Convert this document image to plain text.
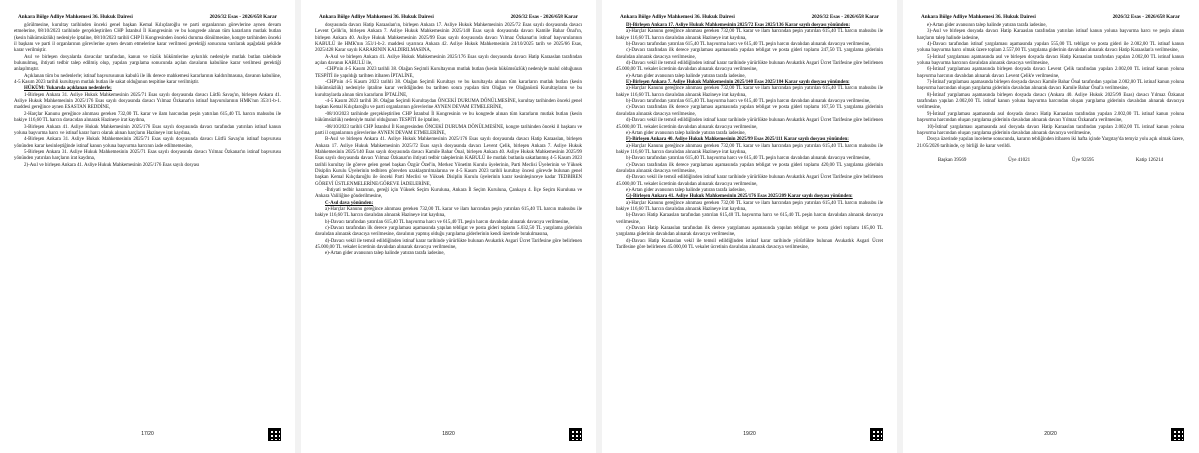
Ankara Bölge Adliye Mahkemesi 36. Hukuk Dairesi	2026/32 Esas - 2026/658 Karar

görülmesine, kurultay tarihinden önceki genel başkan Kemal Kılıçdaroğlu ve parti organlarının görevlerine aynen devam etmelerine, 08/10/2023 tarihinde gerçekleştirilen CHP İstanbul İl Kongresinin ve bu kongrede alınan tüm kararların mutlak butlan (kesin hükümsüzlük) nedeniyle iptaline, 08/10/2023 tarihli CHP İl Kongresinden önceki duruma dönülmesine, kongre tarihinden önceki il başkanı ve parti il organlarının görevlerine aynen devam etmelerine karar verilmesi gerektiği sonucuna varılarak aşağıdaki şekilde karar verilmiştir.

Asıl ve birleşen dosyalarda davacılar tarafından, kanun ve tüzük hükümlerine aykırılık nedeniyle mutlak butlan talebinde bulunulmuş, ihtiyati tedbir talep edilmiş olup, yapılan yargılama sonucunda açılan davaların kabulüne karar verilmesi gerektiği anlaşılmıştır.

Açıklanan tüm bu nedenlerle; istinaf başvurusunun kabulü ile ilk derece mahkemesi kararlarının kaldırılmasına, davanın kabulüne, 4-5 Kasım 2023 tarihli kurultayın mutlak butlan ile sakat olduğunun tespitine karar verilmiştir.

HÜKÜM: Yukarıda açıklanan nedenlerle;

1-Birleşen Ankara 31. Asliye Hukuk Mahkemesinin 2025/71 Esas sayılı dosyasında davacı Lütfü Savaş'ın, birleşen Ankara 41. Asliye Hukuk Mahkemesinin 2025/176 Esas sayılı dosyasında davacı Yılmaz Özkanat'ın istinaf başvurularının HMK'nın 353/1-b-1. maddesi gereğince aynen ESASTAN REDDİNE,

2-Harçlar Kanunu gereğince alınması gereken 732,00 TL karar ve ilam harcından peşin yatırılan 615,40 TL harcın mahsubu ile bakiye 116,60 TL harcın davacıdan alınarak Hazineye irat kaydına,

3-Birleşen Ankara 41. Asliye Hukuk Mahkemesinin 2025/176 Esas sayılı dosyasında davacı tarafından yatırılan istinaf kanun yoluna başvurma harcı ve istinaf karar harcı olarak alınan harçların Hazineye irat kaydına,

4-Birleşen Ankara 31. Asliye Hukuk Mahkemesinin 2025/71 Esas sayılı dosyasında davacı Lütfü Savaş'ın istinaf başvurusu yönünden karar kesinleştiğinde istinaf kanun yoluna başvurma harcının iade edilmemesine,

5-Birleşen Ankara 31. Asliye Hukuk Mahkemesinin 2025/71 Esas sayılı dosyasında davacı Yılmaz Özkanat'ın istinaf başvurusu yönünden yatırılan harçların irat kaydına,

2)-Asıl ve birleşen Ankara 41. Asliye Hukuk Mahkemesinin 2025/176 Esas sayılı dosyası

17/20
Ankara Bölge Adliye Mahkemesi 36. Hukuk Dairesi	2026/32 Esas - 2026/658 Karar

dosyasında davacı Hatip Karaaslan'ın, birleşen Ankara 17. Asliye Hukuk Mahkemesinin 2025/72 Esas sayılı dosyasında davacı Levent Çelik'in, birleşen Ankara 7. Asliye Hukuk Mahkemesinin 2025/140 Esas sayılı dosyasında davacı Kamile Bahar Önal'ın, birleşen Ankara 40. Asliye Hukuk Mahkemesinin 2025/99 Esas sayılı dosyasında davacı Yılmaz Özkanat'ın istinaf başvurularının KABULÜ ile HMK'nın 353/1-b-2. maddesi uyarınca Ankara 42. Asliye Hukuk Mahkemesinin 24/10/2025 tarih ve 2025/66 Esas, 2025/428 Karar sayılı KARARININ KALDIRILMASINA,

A-Asıl ve birleşen Ankara 41. Asliye Hukuk Mahkemesinin 2025/176 Esas sayılı dosyasında davacı Hatip Karaaslan tarafından açılan davanın KABULÜ ile,

-CHP'nin 4-5 Kasım 2023 tarihli 38. Olağan Seçimli Kurultayının mutlak butlan (kesin hükümsüzlük) nedeniyle malul olduğunun TESPİTİ ile yapıldığı tarihten itibaren İPTALİNE,

-CHP'nin 4-5 Kasım 2023 tarihli 38. Olağan Seçimli Kurultayı ve bu kurultayda alınan tüm kararların mutlak butlan (kesin hükümsüzlük) nedeniyle iptaline karar verildiğinden bu tarihten sonra yapılan tüm Olağan ve Olağanüstü Kurultayların ve bu kurultaylarda alınan tüm kararların İPTALİNE,

-4-5 Kasım 2023 tarihli 38. Olağan Seçimli Kurultaydan ÖNCEKİ DURUMA DÖNÜLMESİNE, kurultay tarihinden önceki genel başkan Kemal Kılıçdaroğlu ve parti organlarının görevlerine AYNEN DEVAM ETMELERİNE,

-08/10/2023 tarihinde gerçekleştirilen CHP İstanbul İl Kongresinin ve bu kongrede alınan tüm kararların mutlak butlan (kesin hükümsüzlük) nedeniyle malul olduğunun TESPİTİ ile iptaline,

-08/10/2023 tarihli CHP İstanbul İl Kongresinden ÖNCEKİ DURUMA DÖNÜLMESİNE, kongre tarihinden önceki il başkanı ve parti il organlarının görevlerine AYNEN DEVAM ETMELERİNE,

B-Asıl ve birleşen Ankara 41. Asliye Hukuk Mahkemesinin 2025/176 Esas sayılı dosyasında davacı Hatip Karaaslan, birleşen Ankara 17. Asliye Hukuk Mahkemesinin 2025/72 Esas sayılı dosyasında davacı Levent Çelik, birleşen Ankara 7. Asliye Hukuk Mahkemesinin 2025/140 Esas sayılı dosyasında davacı Kamile Bahar Önal, birleşen Ankara 40. Asliye Hukuk Mahkemesinin 2025/99 Esas sayılı dosyasında davacı Yılmaz Özkanat'ın ihtiyati tedbir taleplerinin KABULÜ ile mutlak butlanla sakatlanmış 4-5 Kasım 2023 tarihli kurultay ile göreve gelen genel başkan Özgür Özel'in, Merkez Yönetim Kurulu üyelerinin, Parti Meclisi Üyelerinin ve Yüksek Disiplin Kurulu Üyelerinin tedbiren görevden uzaklaştırılmalarına ve 4-5 Kasım 2023 tarihli kurultay öncesi görevde bulunan genel başkan Kemal Kılıçdaroğlu ile önceki Parti Meclisi ve Yüksek Disiplin Kurulu üyelerinin karar kesinleşinceye kadar TEDBİREN GÖREVİ ÜSTLENMELERİNE/GÖREVE İADELERİNE,

-İhtiyati tedbir kararının, gereği için Yüksek Seçim Kuruluna, Ankara İl Seçim Kuruluna, Çankaya 4. İlçe Seçim Kuruluna ve Ankara Valiliğine gönderilmesine,

C-Asıl dava yönünden:

a)-Harçlar Kanunu gereğince alınması gereken 732,00 TL karar ve ilam harcından peşin yatırılan 615,40 TL harcın mahsubu ile bakiye 116,60 TL harcın davalıdan alınarak Hazineye irat kaydına,

b)-Davacı tarafından yatırılan 615,40 TL başvurma harcı ve 615,40 TL peşin harcın davalıdan alınarak davacıya verilmesine,

c)-Davacı tarafından ilk derece yargılaması aşamasında yapılan tebligat ve posta gideri toplamı 5.032,50 TL yargılama giderinin davalıdan alınarak davacıya verilmesine, davalının yapmış olduğu yargılama giderlerinin kendi üzerinde bırakılmasına,

d)-Davacı vekil ile temsil edildiğinden istinaf karar tarihinde yürürlükte bulunan Avukatlık Asgari Ücret Tarifesine göre belirlenen 45.000,00 TL vekalet ücretinin davalıdan alınarak davacıya verilmesine,

e)-Artan gider avansının talep halinde yatıran tarafa iadesine,

18/20
Ankara Bölge Adliye Mahkemesi 36. Hukuk Dairesi	2026/32 Esas - 2026/658 Karar

D)-Birleşen Ankara 17. Asliye Hukuk Mahkemesinin 2025/72 Esas 2025/136 Karar sayılı dosyası yönünden:

a)-Harçlar Kanunu gereğince alınması gereken 732,00 TL karar ve ilam harcından peşin yatırılan 615,40 TL harcın mahsubu ile bakiye 116,60 TL harcın davalıdan alınarak Hazineye irat kaydına,

b)-Davacı tarafından yatırılan 615,40 TL başvurma harcı ve 615,40 TL peşin harcın davalıdan alınarak davacıya verilmesine,

c)-Davacı tarafından ilk derece yargılaması aşamasında yapılan tebligat ve posta gideri toplamı 247,50 TL yargılama giderinin davalıdan alınarak davacıya verilmesine,

d)-Davacı vekil ile temsil edildiğinden istinaf karar tarihinde yürürlükte bulunan Avukatlık Asgari Ücret Tarifesine göre belirlenen 45.000,00 TL vekalet ücretinin davalıdan alınarak davacıya verilmesine,

e)-Artan gider avansının talep halinde yatıran tarafa iadesine,

E)-Birleşen Ankara 7. Asliye Hukuk Mahkemesinin 2025/140 Esas 2025/184 Karar sayılı dosyası yönünden:

a)-Harçlar Kanunu gereğince alınması gereken 732,00 TL karar ve ilam harcından peşin yatırılan 615,40 TL harcın mahsubu ile bakiye 116,60 TL harcın davalıdan alınarak Hazineye irat kaydına,

b)-Davacı tarafından yatırılan 615,40 TL başvurma harcı ve 615,40 TL peşin harcın davalıdan alınarak davacıya verilmesine,

c)-Davacı tarafından ilk derece yargılaması aşamasında yapılan tebligat ve posta gideri toplamı 167,50 TL yargılama giderinin davalıdan alınarak davacıya verilmesine,

d)-Davacı vekil ile temsil edildiğinden istinaf karar tarihinde yürürlükte bulunan Avukatlık Asgari Ücret Tarifesine göre belirlenen 45.000,00 TL vekalet ücretinin davalıdan alınarak davacıya verilmesine,

e)-Artan gider avansının talep halinde yatıran tarafa iadesine,

F)-Birleşen Ankara 40. Asliye Hukuk Mahkemesinin 2025/99 Esas 2025/111 Karar sayılı dosyası yönünden:

a)-Harçlar Kanunu gereğince alınması gereken 732,00 TL karar ve ilam harcından peşin yatırılan 615,40 TL harcın mahsubu ile bakiye 116,60 TL harcın davalıdan alınarak Hazineye irat kaydına,

b)-Davacı tarafından yatırılan 615,40 TL başvurma harcı ve 615,40 TL peşin harcın davalıdan alınarak davacıya verilmesine,

c)-Davacı tarafından ilk derece yargılaması aşamasında yapılan tebligat ve posta gideri toplamı 420,00 TL yargılama giderinin davalıdan alınarak davacıya verilmesine,

d)-Davacı vekil ile temsil edildiğinden istinaf karar tarihinde yürürlükte bulunan Avukatlık Asgari Ücret Tarifesine göre belirlenen 45.000,00 TL vekalet ücretinin davalıdan alınarak davacıya verilmesine,

e)-Artan gider avansının talep halinde yatıran tarafa iadesine,

G)-Birleşen Ankara 41. Asliye Hukuk Mahkemesinin 2025/176 Esas 2025/209 Karar sayılı dosyası yönünden:

a)-Harçlar Kanunu gereğince alınması gereken 732,00 TL karar ve ilam harcından peşin yatırılan 615,40 TL harcın mahsubu ile bakiye 116,60 TL harcın davalıdan alınarak Hazineye irat kaydına,

b)-Davacı Hatip Karaaslan tarafından yatırılan 615,40 TL başvurma harcı ve 615,40 TL peşin harcın davalıdan alınarak davacıya verilmesine,

c)-Davacı Hatip Karaaslan tarafından ilk derece yargılaması aşamasında yapılan tebligat ve posta gideri toplamı 165,00 TL yargılama giderinin davalıdan alınarak davacıya verilmesine,

d)-Davacı Hatip Karaaslan vekil ile temsil edildiğinden istinaf karar tarihinde yürürlükte bulunan Avukatlık Asgari Ücret Tarifesine göre belirlenen 45.000,00 TL vekalet ücretinin davalıdan alınarak davacıya verilmesine,

19/20
Ankara Bölge Adliye Mahkemesi 36. Hukuk Dairesi	2026/32 Esas - 2026/658 Karar

e)-Artan gider avansının talep halinde yatıran tarafa iadesine,

3)-Asıl ve birleşen dosyada davacı Hatip Karaaslan tarafından yatırılan istinaf kanun yoluna başvurma harcı ve peşin alınan harçların talep halinde iadesine,

4)-Davacı tarafından istinaf yargılaması aşamasında yapılan 555,00 TL tebligat ve posta gideri ile 2.002,00 TL istinaf kanun yoluna başvurma harcı olmak üzere toplam 2.557,00 TL yargılama giderinin davalıdan alınarak davacı Hatip Karaaslan'a verilmesine,

5)-İstinaf yargılaması aşamasında asıl ve birleşen dosyada davacı Hatip Karaaslan tarafından yapılan 2.002,00 TL istinaf kanun yoluna başvurma harcının davalıdan alınarak davacıya verilmesine,

6)-İstinaf yargılaması aşamasında birleşen dosyada davacı Levent Çelik tarafından yapılan 2.002,00 TL istinaf kanun yoluna başvurma harcının davalıdan alınarak davacı Levent Çelik'e verilmesine,

7)-İstinaf yargılaması aşamasında birleşen dosyada davacı Kamile Bahar Önal tarafından yapılan 2.002,00 TL istinaf kanun yoluna başvurma harcından oluşan yargılama giderinin davalıdan alınarak davacı Kamile Bahar Önal'a verilmesine,

8)-İstinaf yargılaması aşamasında birleşen dosyada davacı (Ankara 40. Asliye Hukuk 2025/99 Esas) davacı Yılmaz Özkanat tarafından yapılan 2.002,00 TL istinaf kanun yoluna başvurma harcından oluşan yargılama giderinin davalıdan alınarak davacıya verilmesine,

9)-İstinaf yargılaması aşamasında asıl dosyada davacı Hatip Karaaslan tarafından yapılan 2.002,00 TL istinaf kanun yoluna başvurma harcından oluşan yargılama giderinin davalıdan alınarak davacı Yılmaz Özkanat'a verilmesine,

10)-İstinaf yargılaması aşamasında asıl dosyada davacı Hatip Karaaslan tarafından yapılan 2.002,00 TL istinaf kanun yoluna başvurma harcından oluşan yargılama giderinin davalıdan alınarak davacıya verilmesine,

Dosya üzerinde yapılan inceleme sonucunda, kararın tebliğinden itibaren iki hafta içinde Yargıtay'da temyiz yolu açık olmak üzere, 21/05/2026 tarihinde, oy birliği ile karar verildi.

Başkan 39569	Üye 41021	Üye 92595	Katip 126214
20/20
